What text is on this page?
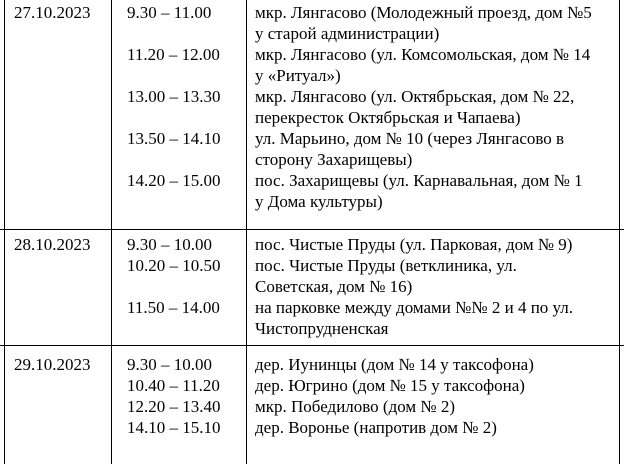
27.10.2023 9.30 – 11.00	мкр. Лянгасово (Молодежный проезд, дом №5
у старой администрации)
11.20 – 12.00 мкр. Лянгасово (ул. Комсомольская, дом № 14
у «Ритуал»)
13.00 – 13.30 мкр. Лянгасово (ул. Октябрьская, дом № 22,
перекресток Октябрьская и Чапаева)
13.50 – 14.10 ул. Марьино, дом № 10 (через Лянгасово в
сторону Захарищевы)
14.20 – 15.00 пос. Захарищевы (ул. Карнавальная, дом № 1
у Дома культуры)
28.10.2023 9.30 – 10.00	пос. Чистые Пруды (ул. Парковая, дом № 9)
10.20 – 10.50 пос. Чистые Пруды (ветклиника, ул.
Советская, дом № 16)
11.50 – 14.00 на парковке между домами №№ 2 и 4 по ул.
Чистопрудненская
29.10.2023 9.30 – 10.00	дер. Иунинцы (дом № 14 у таксофона)
10.40 – 11.20 дер. Югрино (дом № 15 у таксофона)
12.20 – 13.40 мкр. Победилово (дом № 2)
14.10 – 15.10 дер. Воронье (напротив дом № 2)
